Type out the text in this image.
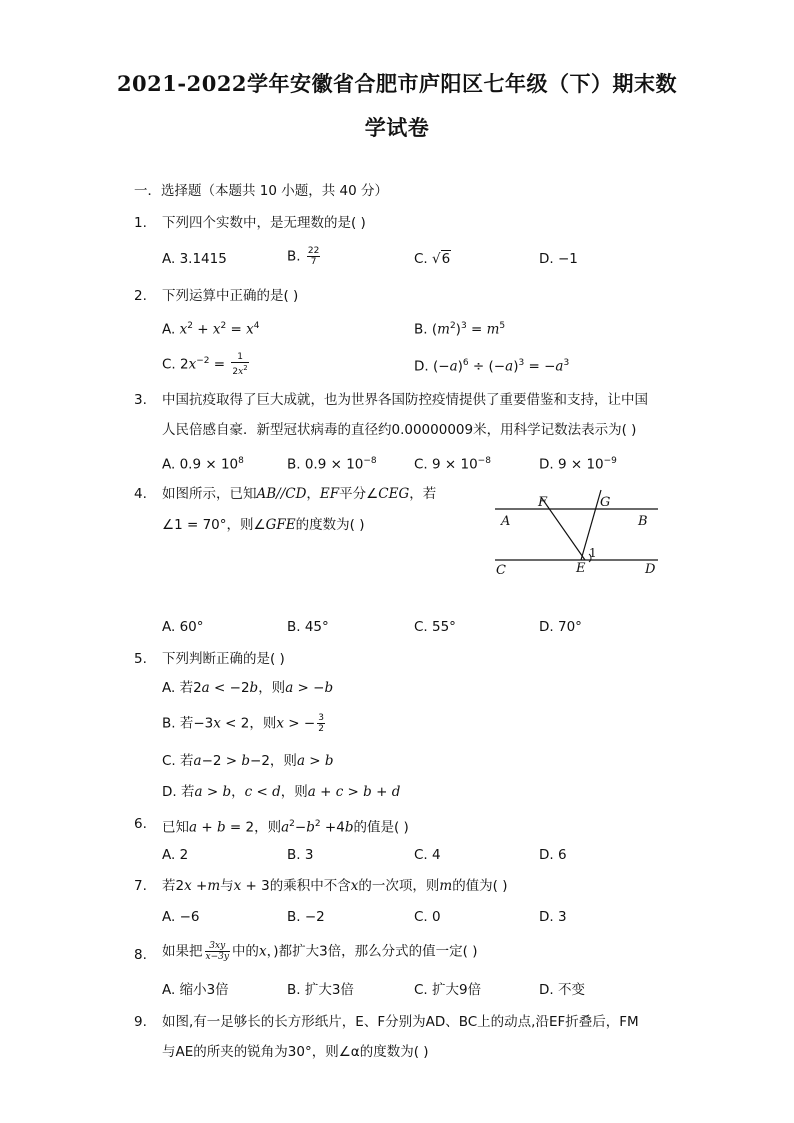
2021-2022学年安徽省合肥市庐阳区七年级（下）期末数
学试卷
一．选择题（本题共 10 小题，共 40 分）
1. 下列四个实数中，是无理数的是( )
A. 3.1415	B. $\frac{22}{7}$	C. √6	D. −1
2. 下列运算中正确的是( )
A. $x^2 + x^2 = x^4$	B. $(m^2)^3 = m^5$
C. $2x^{-2} = \frac{1}{2x^2}$	D. $(-a)^6 \div (-a)^3 = -a^3$
3. 中国抗疫取得了巨大成就，也为世界各国防控疫情提供了重要借鉴和支持，让中国
人民倍感自豪．新型冠状病毒的直径约0.00000009米，用科学记数法表示为( )
A. $0.9 \times 10^8$	B. $0.9 \times 10^{-8}$	C. $9 \times 10^{-8}$	D. $9 \times 10^{-9}$
4. 如图所示，已知AB//CD，EF平分∠CEG，若
∠1 = 70°，则∠GFE的度数为( )
F	G
A	B
C	E	D
1
A. 60°	B. 45°	C. 55°	D. 70°
5. 下列判断正确的是( )
A. 若2a < −2b，则a > −b
B. 若−3x < 2，则x > − $\frac{3}{2}$
C. 若a−2 > b−2，则a > b
D. 若a > b，c < d，则a + c > b + d
6. 已知a + b = 2，则$a^2-b^2 +4b$的值是( )
A. 2	B. 3	C. 4	D. 6
7. 若2x +m与x + 3的乘积中不含x的一次项，则m的值为( )
A. −6	B. −2	C. 0	D. 3
8. 如果把 $\frac{3xy}{x-3y}$ 中的x，)都扩大3倍，那么分式的值一定( )
A. 缩小3倍	B. 扩大3倍	C. 扩大9倍	D. 不变
9. 如图,有一足够长的长方形纸片，E、F分别为AD、BC上的动点,沿EF折叠后，FM
与AE的所夹的锐角为30°，则∠α的度数为( )
